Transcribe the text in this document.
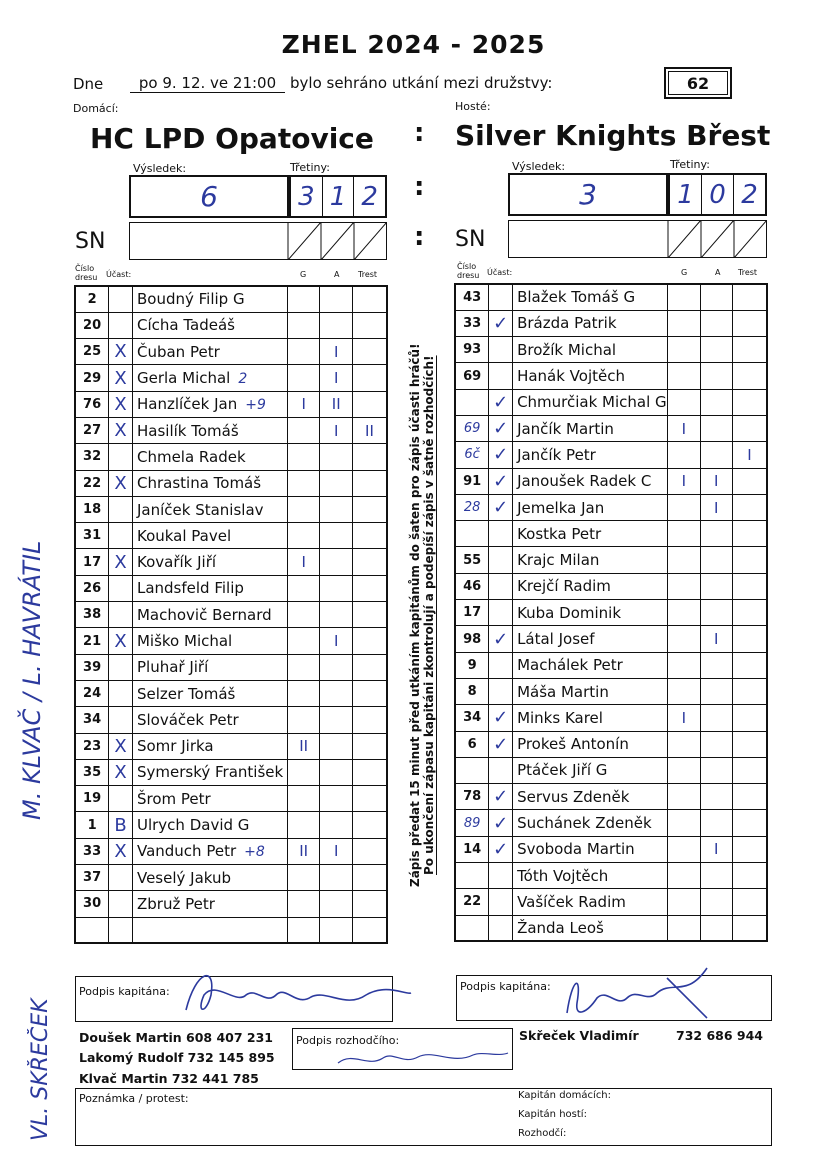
ZHEL 2024 - 2025
Dne	po 9. 12. ve 21:00 bylo sehráno utkání mezi družstvy:	62
Domácí:	Hosté:
HC LPD Opatovice	Silver Knights Břest
:
Výsledek:	Třetiny:
6	3 1 2 :
Výsledek:	Třetiny:
3	1 0 2
SN	: SN
Číslo dresu	Účast:	G	A Trest
Číslo dresu Účast:	G	A Trest
2		Boudný Filip G			
20		Cícha Tadeáš			
25	X	Čuban Petr		I	
29	X	Gerla Michal 2		I	
76	X	Hanzlíček Jan +9	I	II	
27	X	Hasilík Tomáš		I	II
32		Chmela Radek			
22	X	Chrastina Tomáš			
18		Janíček Stanislav			
31		Koukal Pavel			
17	X	Kovařík Jiří	I		
26		Landsfeld Filip			
38		Machovič Bernard			
21	X	Miško Michal		I	
39		Pluhař Jiří			
24		Selzer Tomáš			
34		Slováček Petr			
23	X	Somr Jirka	II		
35	X	Symerský František			
19		Šrom Petr			
1	B	Ulrych David G			
33	X	Vanduch Petr +8	II	I	
37		Veselý Jakub			
30		Zbruž Petr			

43		Blažek Tomáš G			
33	✓	Brázda Patrik			
93		Brožík Michal			
69		Hanák Vojtěch			
	✓	Chmurčiak Michal G			
69	✓	Jančík Martin	I		
6č	✓	Jančík Petr			I
91	✓	Janoušek Radek C	I	I	
28	✓	Jemelka Jan		I	
		Kostka Petr			
55		Krajc Milan			
46		Krejčí Radim			
17		Kuba Dominik			
98	✓	Látal Josef		I	
9		Machálek Petr			
8		Máša Martin			
34	✓	Minks Karel	I		
6	✓	Prokeš Antonín			
		Ptáček Jiří G			
78	✓	Servus Zdeněk			
89	✓	Suchánek Zdeněk			
14	✓	Svoboda Martin		I	
		Tóth Vojtěch			
22		Vašíček Radim			
		Žanda Leoš			
Zápis předat 15 minut před utkáním kapitánům do šaten pro zápis účasti hráčů! Po ukončení zápasu kapitáni zkontrolují a podepíší zápis v šatně rozhodčích!
M. KLVAČ / L. HAVRÁTIL
VL. SKŘEČEK
Podpis kapitána:	Podpis kapitána:
Doušek Martin 608 407 231
Lakomý Rudolf 732 145 895
Klvač Martin 732 441 785
Skřeček Vladimír	732 686 944
Podpis rozhodčího:
Poznámka / protest:	Kapitán domácích:
Kapitán hostí:
Rozhodčí:
